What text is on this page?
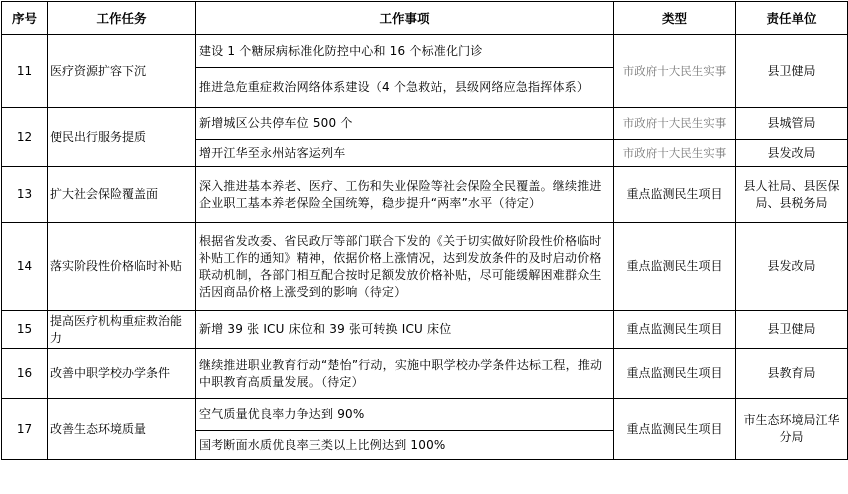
序号	工作任务	工作事项	类型	责任单位
11	医疗资源扩容下沉	建设 1 个糖尿病标准化防控中心和 16 个标准化门诊	市政府十大民生实事	县卫健局
		推进急危重症救治网络体系建设（4 个急救站，县级网络应急指挥体系）		
12	便民出行服务提质	新增城区公共停车位 500 个	市政府十大民生实事	县城管局
		增开江华至永州站客运列车	市政府十大民生实事	县发改局
13	扩大社会保险覆盖面	深入推进基本养老、医疗、工伤和失业保险等社会保险全民覆盖。继续推进企业职工基本养老保险全国统筹，稳步提升“两率”水平（待定）	重点监测民生项目	县人社局、县医保局、县税务局
14	落实阶段性价格临时补贴	根据省发改委、省民政厅等部门联合下发的《关于切实做好阶段性价格临时补贴工作的通知》精神，依据价格上涨情况，达到发放条件的及时启动价格联动机制，各部门相互配合按时足额发放价格补贴，尽可能缓解困难群众生活因商品价格上涨受到的影响（待定）	重点监测民生项目	县发改局
15	提高医疗机构重症救治能力	新增 39 张 ICU 床位和 39 张可转换 ICU 床位	重点监测民生项目	县卫健局
16	改善中职学校办学条件	继续推进职业教育行动“楚怡”行动，实施中职学校办学条件达标工程，推动中职教育高质量发展。（待定）	重点监测民生项目	县教育局
17	改善生态环境质量	空气质量优良率力争达到 90%	重点监测民生项目	市生态环境局江华分局
		国考断面水质优良率三类以上比例达到 100%		
